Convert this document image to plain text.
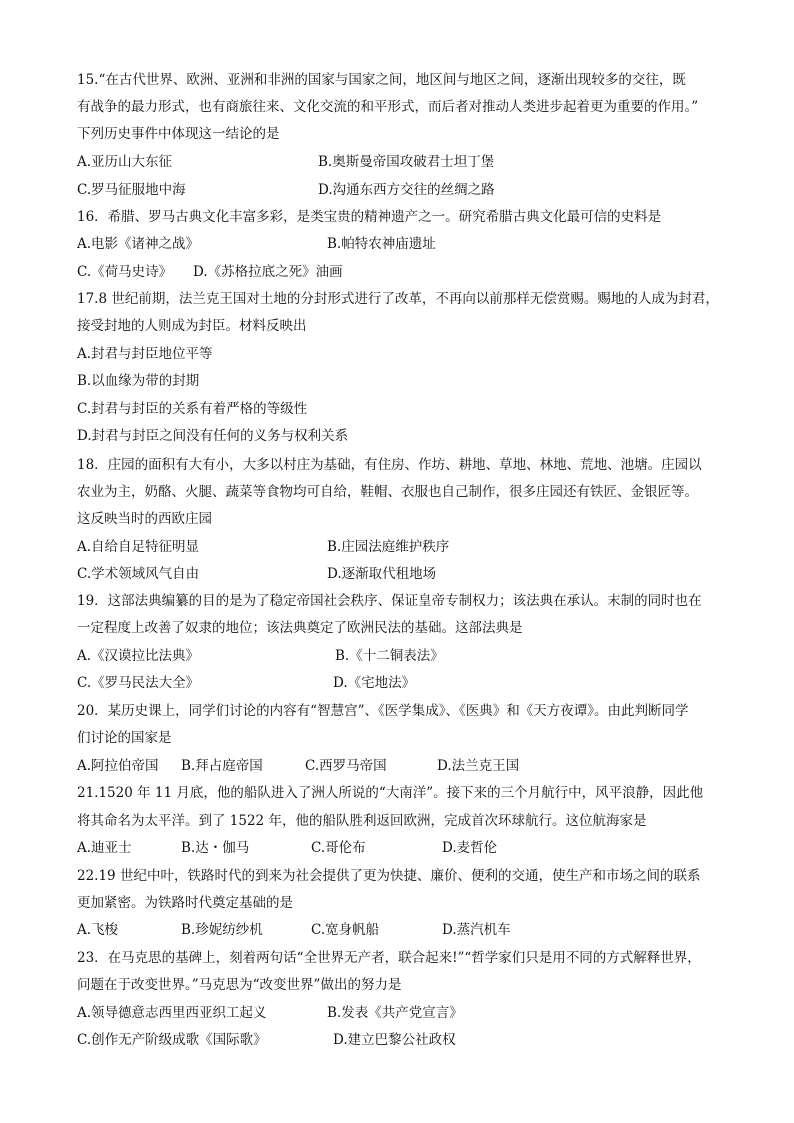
15.“在古代世界、欧洲、亚洲和非洲的国家与国家之间，地区间与地区之间，逐渐出现较多的交往，既
有战争的最力形式，也有商旅往来、文化交流的和平形式，而后者对推动人类进步起着更为重要的作用。”
下列历史事件中体现这一结论的是
A.亚历山大东征	B.奥斯曼帝国攻破君士坦丁堡
C.罗马征服地中海	D.沟通东西方交往的丝绸之路
16．希腊、罗马古典文化丰富多彩，是类宝贵的精神遗产之一。研究希腊古典文化最可信的史料是
A.电影《诸神之战》	B.帕特农神庙遗址
C.《荷马史诗》 D.《苏格拉底之死》油画
17.8 世纪前期，法兰克王国对土地的分封形式进行了改革，不再向以前那样无偿赏赐。赐地的人成为封君，
接受封地的人则成为封臣。材料反映出
A.封君与封臣地位平等
B.以血缘为带的封期
C.封君与封臣的关系有着严格的等级性
D.封君与封臣之间没有任何的义务与权利关系
18．庄园的面积有大有小，大多以村庄为基础，有住房、作坊、耕地、草地、林地、荒地、池塘。庄园以
农业为主，奶酪、火腿、蔬菜等食物均可自给，鞋帽、衣服也自己制作，很多庄园还有铁匠、金银匠等。
这反映当时的西欧庄园
A.自给自足特征明显	B.庄园法庭维护秩序
C.学术领域风气自由	D.逐渐取代租地场
19．这部法典编纂的目的是为了稳定帝国社会秩序、保证皇帝专制权力；该法典在承认。末制的同时也在
一定程度上改善了奴隶的地位；该法典奠定了欧洲民法的基础。这部法典是
A.《汉谟拉比法典》	B.《十二铜表法》
C.《罗马民法大全》	D.《宅地法》
20．某历史课上，同学们讨论的内容有“智慧宫”、《医学集成》、《医典》和《天方夜谭》。由此判断同学
们讨论的国家是
A.阿拉伯帝国 B.拜占庭帝国	C.西罗马帝国	D.法兰克王国
21.1520 年 11 月底，他的船队进入了洲人所说的“大南洋”。接下来的三个月航行中，风平浪静，因此他
将其命名为太平洋。到了 1522 年，他的船队胜利返回欧洲，完成首次环球航行。这位航海家是
A.迪亚士	B.达・伽马	C.哥伦布	D.麦哲伦
22.19 世纪中叶，铁路时代的到来为社会提供了更为快捷、廉价、便利的交通，使生产和市场之间的联系
更加紧密。为铁路时代奠定基础的是
A.飞梭	B.珍妮纺纱机	C.宽身帆船	D.蒸汽机车
23．在马克思的基碑上，刻着两句话“全世界无产者，联合起来!”“哲学家们只是用不同的方式解释世界，
问题在于改变世界。”马克思为“改变世界”做出的努力是
A.领导德意志西里西亚织工起义	B.发表《共产党宣言》
C.创作无产阶级成歌《国际歌》	D.建立巴黎公社政权
